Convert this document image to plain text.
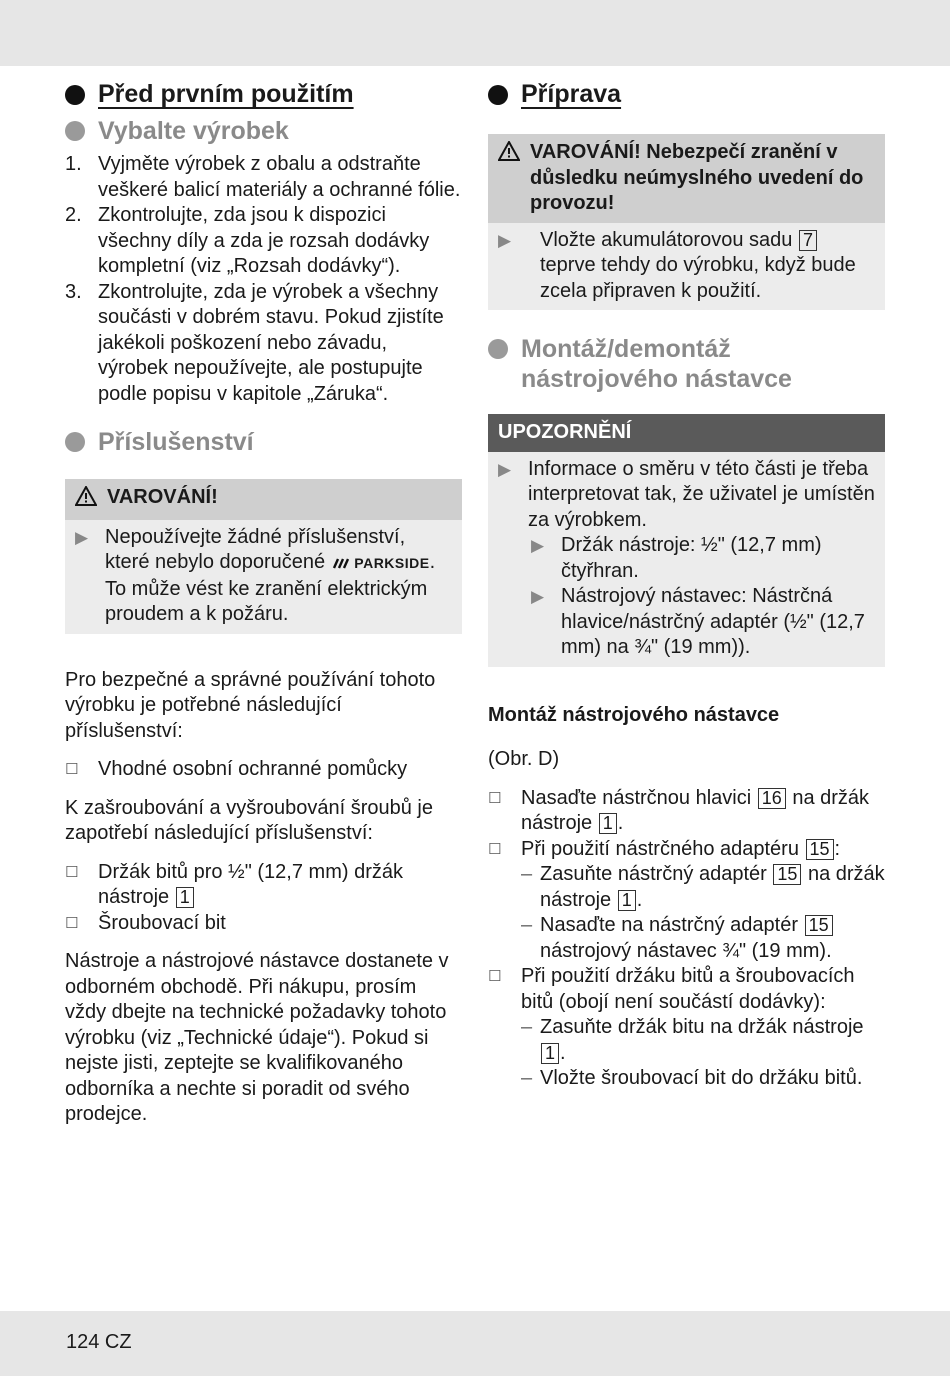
Před prvním použitím
Vybalte výrobek
1. Vyjměte výrobek z obalu a odstraňte veškeré balicí materiály a ochranné fólie.
2. Zkontrolujte, zda jsou k dispozici všechny díly a zda je rozsah dodávky kompletní (viz „Rozsah dodávky“).
3. Zkontrolujte, zda je výrobek a všechny součásti v dobrém stavu. Pokud zjistíte jakékoli poškození nebo závadu, výrobek nepoužívejte, ale postupujte podle popisu v kapitole „Záruka“.
Příslušenství
VAROVÁNÍ!
▶ Nepoužívejte žádné příslušenství, které nebylo doporučené PARKSIDE. To může vést ke zranění elektrickým proudem a k požáru.

Pro bezpečné a správné používání tohoto výrobku je potřebné následující příslušenství:

☐ Vhodné osobní ochranné pomůcky

K zašroubování a vyšroubování šroubů je zapotřebí následující příslušenství:

☐ Držák bitů pro ½" (12,7 mm) držák nástroje 1
☐ Šroubovací bit

Nástroje a nástrojové nástavce dostanete v odborném obchodě. Při nákupu, prosím vždy dbejte na technické požadavky tohoto výrobku (viz „Technické údaje“). Pokud si nejste jisti, zeptejte se kvalifikovaného odborníka a nechte si poradit od svého prodejce.

Příprava
VAROVÁNÍ! Nebezpečí zranění v důsledku neúmyslného uvedení do provozu!
▶ Vložte akumulátorovou sadu 7 teprve tehdy do výrobku, když bude zcela připraven k použití.
Montáž/demontáž nástrojového nástavce
UPOZORNĚNÍ
▶ Informace o směru v této části je třeba interpretovat tak, že uživatel je umístěn za výrobkem.
▶ Držák nástroje: ½" (12,7 mm) čtyřhran.
▶ Nástrojový nástavec: Nástrčná hlavice/nástrčný adaptér (½" (12,7 mm) na ¾" (19 mm)).
Montáž nástrojového nástavce
(Obr. D)
☐ Nasaďte nástrčnou hlavici 16 na držák nástroje 1 .
☐ Při použití nástrčného adaptéru 15 :
– Zasuňte nástrčný adaptér 15 na držák nástroje 1 .
– Nasaďte na nástrčný adaptér 15 nástrojový nástavec ¾" (19 mm).
☐ Při použití držáku bitů a šroubovacích bitů (obojí není součástí dodávky):
– Zasuňte držák bitu na držák nástroje 1 .
– Vložte šroubovací bit do držáku bitů.
124 CZ
